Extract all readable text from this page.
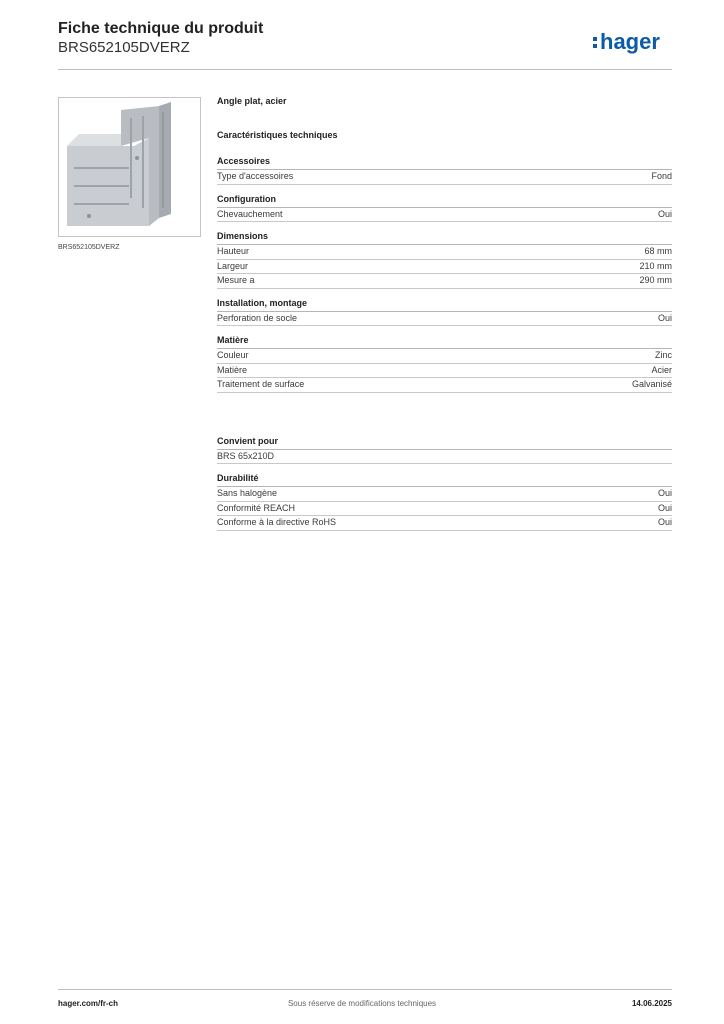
Fiche technique du produit
BRS652105DVERZ	hager
BRS652105DVERZ
Angle plat, acier
Caractéristiques techniques
Accessoires
Type d'accessoires	Fond
Configuration
Chevauchement	Oui
Dimensions
Hauteur	68 mm
Largeur	210 mm
Mesure a	290 mm
Installation, montage
Perforation de socle	Oui
Matière
Couleur	Zinc
Matière	Acier
Traitement de surface	Galvanisé
Convient pour
BRS 65x210D
Durabilité
Sans halogène	Oui
Conformité REACH	Oui
Conforme à la directive RoHS	Oui
hager.com/fr-ch	Sous réserve de modifications techniques	14.06.2025
